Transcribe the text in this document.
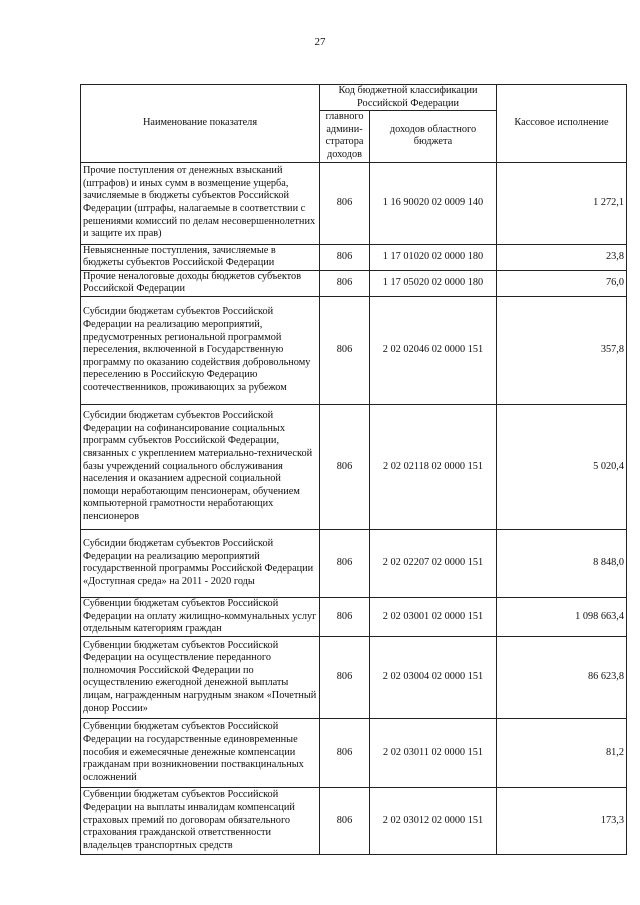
27
Наименование показателя	Код бюджетной классификации Российской Федерации		Кассовое исполнение
	главного админи-стратора доходов	доходов областного бюджета	
Прочие поступления от денежных взысканий (штрафов) и иных сумм в возмещение ущерба, зачисляемые в бюджеты субъектов Российской Федерации (штрафы, налагаемые в соответствии с решениями комиссий по делам несовершеннолетних и защите их прав)	806	1 16 90020 02 0009 140	1 272,1
Невыясненные поступления, зачисляемые в бюджеты субъектов Российской Федерации	806	1 17 01020 02 0000 180	23,8
Прочие неналоговые доходы бюджетов субъектов Российской Федерации	806	1 17 05020 02 0000 180	76,0
Субсидии бюджетам субъектов Российской Федерации на реализацию мероприятий, предусмотренных региональной программой переселения, включенной в Государственную программу по оказанию содействия добровольному переселению в Российскую Федерацию соотечественников, проживающих за рубежом	806	2 02 02046 02 0000 151	357,8
Субсидии бюджетам субъектов Российской Федерации на софинансирование социальных программ субъектов Российской Федерации, связанных с укреплением материально-технической базы учреждений социального обслуживания населения и оказанием адресной социальной помощи неработающим пенсионерам, обучением компьютерной грамотности неработающих пенсионеров	806	2 02 02118 02 0000 151	5 020,4
Субсидии бюджетам субъектов Российской Федерации на реализацию мероприятий государственной программы Российской Федерации «Доступная среда» на 2011 - 2020 годы	806	2 02 02207 02 0000 151	8 848,0
Субвенции бюджетам субъектов Российской Федерации на оплату жилищно-коммунальных услуг отдельным категориям граждан	806	2 02 03001 02 0000 151	1 098 663,4
Субвенции бюджетам субъектов Российской Федерации на осуществление переданного полномочия Российской Федерации по осуществлению ежегодной денежной выплаты лицам, награжденным нагрудным знаком «Почетный донор России»	806	2 02 03004 02 0000 151	86 623,8
Субвенции бюджетам субъектов Российской Федерации на государственные единовременные пособия и ежемесячные денежные компенсации гражданам при возникновении поствакцинальных осложнений	806	2 02 03011 02 0000 151	81,2
Субвенции бюджетам субъектов Российской Федерации на выплаты инвалидам компенсаций страховых премий по договорам обязательного страхования гражданской ответственности владельцев транспортных средств	806	2 02 03012 02 0000 151	173,3
